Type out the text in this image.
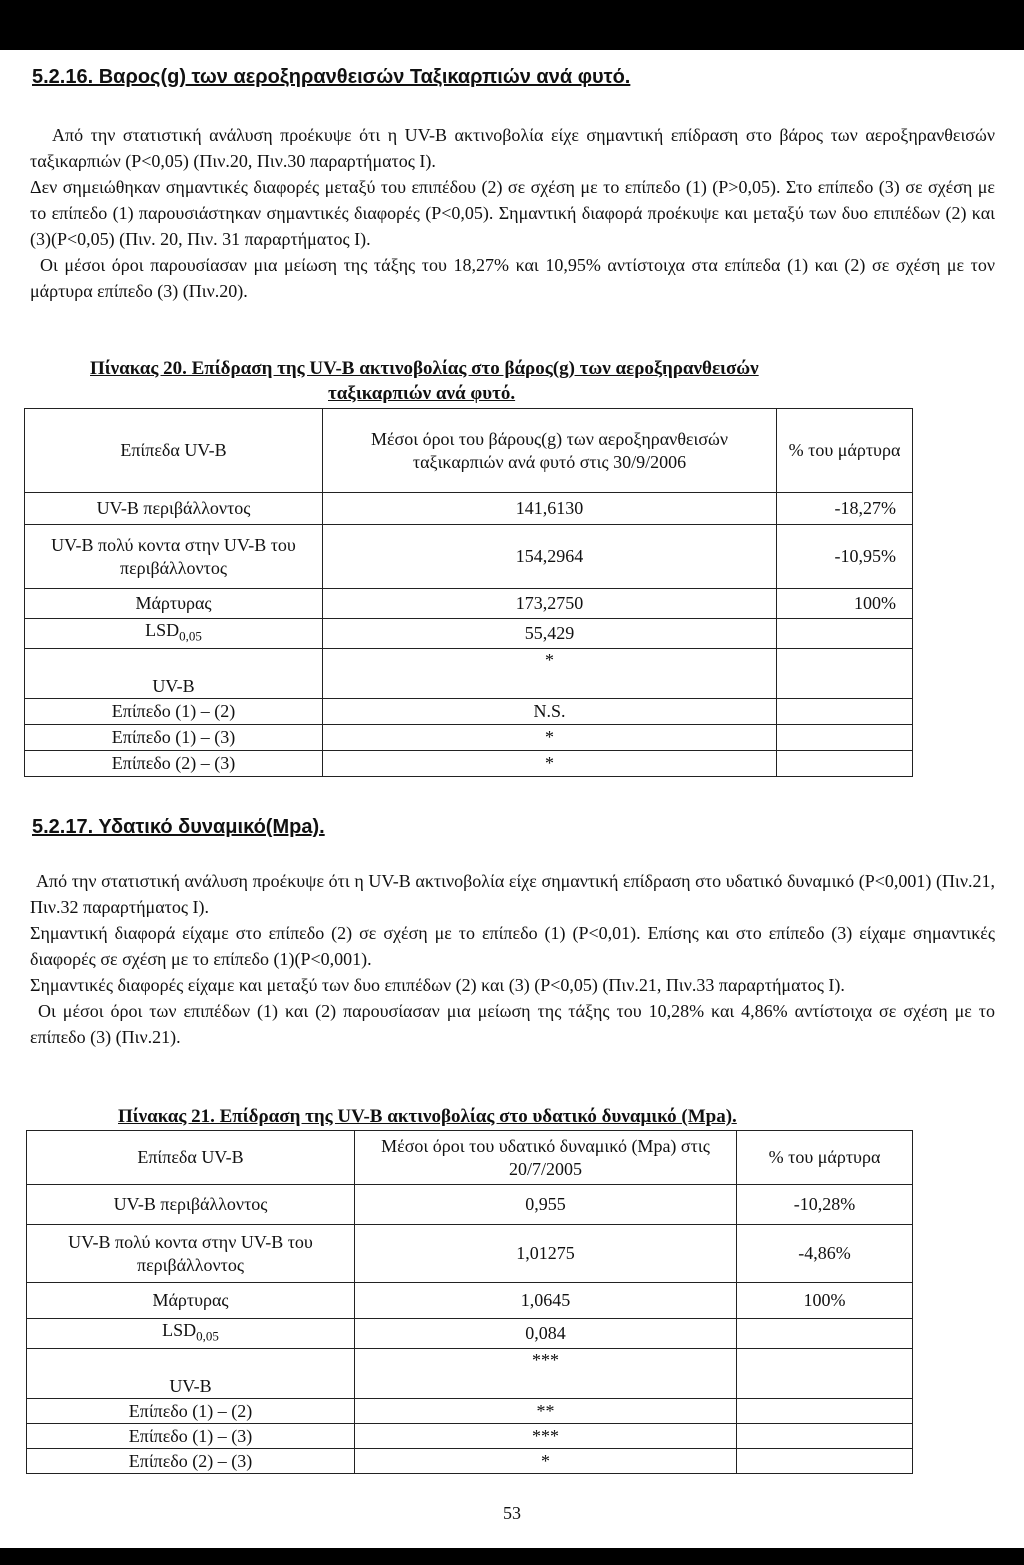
5.2.16. Βαρος(g) των αεροξηρανθεισών Ταξικαρπιών ανά φυτό.

Από την στατιστική ανάλυση προέκυψε ότι η UV-B ακτινοβολία είχε σημαντική επίδραση στο βάρος των αεροξηρανθεισών ταξικαρπιών (P<0,05) (Πιν.20, Πιν.30 παραρτήματος I).

Δεν σημειώθηκαν σημαντικές διαφορές μεταξύ του επιπέδου (2) σε σχέση με το επίπεδο (1) (P>0,05). Στο επίπεδο (3) σε σχέση με το επίπεδο (1) παρουσιάστηκαν σημαντικές διαφορές (P<0,05). Σημαντική διαφορά προέκυψε και μεταξύ των δυο επιπέδων (2) και (3)(P<0,05) (Πιν. 20, Πιν. 31 παραρτήματος I).

Οι μέσοι όροι παρουσίασαν μια μείωση της τάξης του 18,27% και 10,95% αντίστοιχα στα επίπεδα (1) και (2) σε σχέση με τον μάρτυρα επίπεδο (3) (Πιν.20).

Πίνακας 20. Επίδραση της UV-B ακτινοβολίας στο βάρος(g) των αεροξηρανθεισών
ταξικαρπιών ανά φυτό.
Επίπεδα UV-B	Μέσοι όροι του βάρους(g) των αεροξηρανθεισών ταξικαρπιών ανά φυτό στις 30/9/2006	% του μάρτυρα
UV-B περιβάλλοντος	141,6130	-18,27%
UV-B πολύ κοντα στην UV-B του περιβάλλοντος	154,2964	-10,95%
Μάρτυρας	173,2750	100%
$LSD_{0,05}$	55,429	
UV-B	*	
Επίπεδο (1) – (2)	N.S.	
Επίπεδο (1) – (3)	*	
Επίπεδο (2) – (3)	*	
5.2.17. Υδατικό δυναμικό(Mpa).

Από την στατιστική ανάλυση προέκυψε ότι η UV-B ακτινοβολία είχε σημαντική επίδραση στο υδατικό δυναμικό (P<0,001) (Πιν.21, Πιν.32 παραρτήματος I).

Σημαντική διαφορά είχαμε στο επίπεδο (2) σε σχέση με το επίπεδο (1) (P<0,01). Επίσης και στο επίπεδο (3) είχαμε σημαντικές διαφορές σε σχέση με το επίπεδο (1)(P<0,001).

Σημαντικές διαφορές είχαμε και μεταξύ των δυο επιπέδων (2) και (3) (P<0,05) (Πιν.21, Πιν.33 παραρτήματος I).

Οι μέσοι όροι των επιπέδων (1) και (2) παρουσίασαν μια μείωση της τάξης του 10,28% και 4,86% αντίστοιχα σε σχέση με το επίπεδο (3) (Πιν.21).

Πίνακας 21. Επίδραση της UV-B ακτινοβολίας στο υδατικό δυναμικό (Mpa).
Επίπεδα UV-B	Μέσοι όροι του υδατικό δυναμικό (Mpa) στις 20/7/2005	% του μάρτυρα
UV-B περιβάλλοντος	0,955	-10,28%
UV-B πολύ κοντα στην UV-B του περιβάλλοντος	1,01275	-4,86%
Μάρτυρας	1,0645	100%
$LSD_{0,05}$	0,084	
UV-B	***	
Επίπεδο (1) – (2)	**	
Επίπεδο (1) – (3)	***	
Επίπεδο (2) – (3)	*	
53
